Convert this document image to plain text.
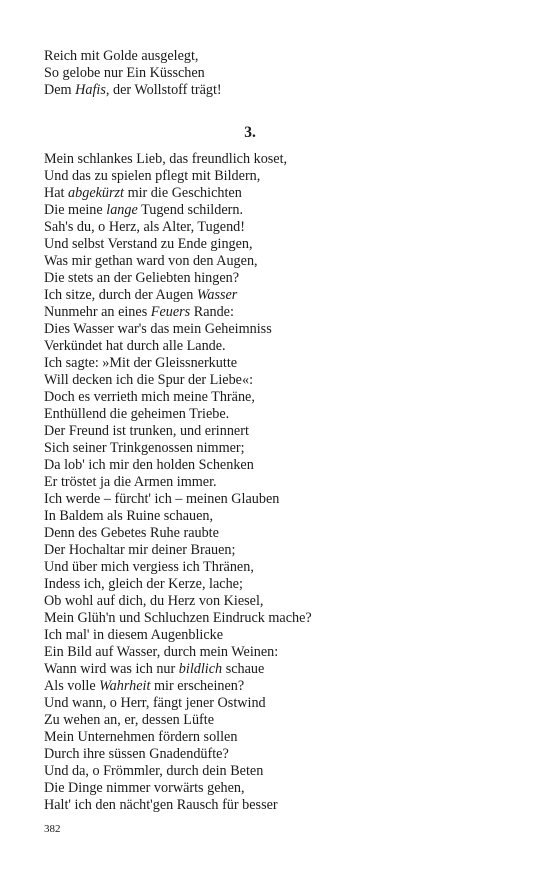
Reich mit Golde ausgelegt,
So gelobe nur Ein Küsschen
Dem Hafis, der Wollstoff trägt!
3.
Mein schlankes Lieb, das freundlich koset,
Und das zu spielen pflegt mit Bildern,
Hat abgekürzt mir die Geschichten
Die meine lange Tugend schildern.
Sah's du, o Herz, als Alter, Tugend!
Und selbst Verstand zu Ende gingen,
Was mir gethan ward von den Augen,
Die stets an der Geliebten hingen?
Ich sitze, durch der Augen Wasser
Nunmehr an eines Feuers Rande:
Dies Wasser war's das mein Geheimniss
Verkündet hat durch alle Lande.
Ich sagte: »Mit der Gleissnerkutte
Will decken ich die Spur der Liebe«:
Doch es verrieth mich meine Thräne,
Enthüllend die geheimen Triebe.
Der Freund ist trunken, und erinnert
Sich seiner Trinkgenossen nimmer;
Da lob' ich mir den holden Schenken
Er tröstet ja die Armen immer.
Ich werde – fürcht' ich – meinen Glauben
In Baldem als Ruine schauen,
Denn des Gebetes Ruhe raubte
Der Hochaltar mir deiner Brauen;
Und über mich vergiess ich Thränen,
Indess ich, gleich der Kerze, lache;
Ob wohl auf dich, du Herz von Kiesel,
Mein Glüh'n und Schluchzen Eindruck mache?
Ich mal' in diesem Augenblicke
Ein Bild auf Wasser, durch mein Weinen:
Wann wird was ich nur bildlich schaue
Als volle Wahrheit mir erscheinen?
Und wann, o Herr, fängt jener Ostwind
Zu wehen an, er, dessen Lüfte
Mein Unternehmen fördern sollen
Durch ihre süssen Gnadendüfte?
Und da, o Frömmler, durch dein Beten
Die Dinge nimmer vorwärts gehen,
Halt' ich den nächt'gen Rausch für besser
382
